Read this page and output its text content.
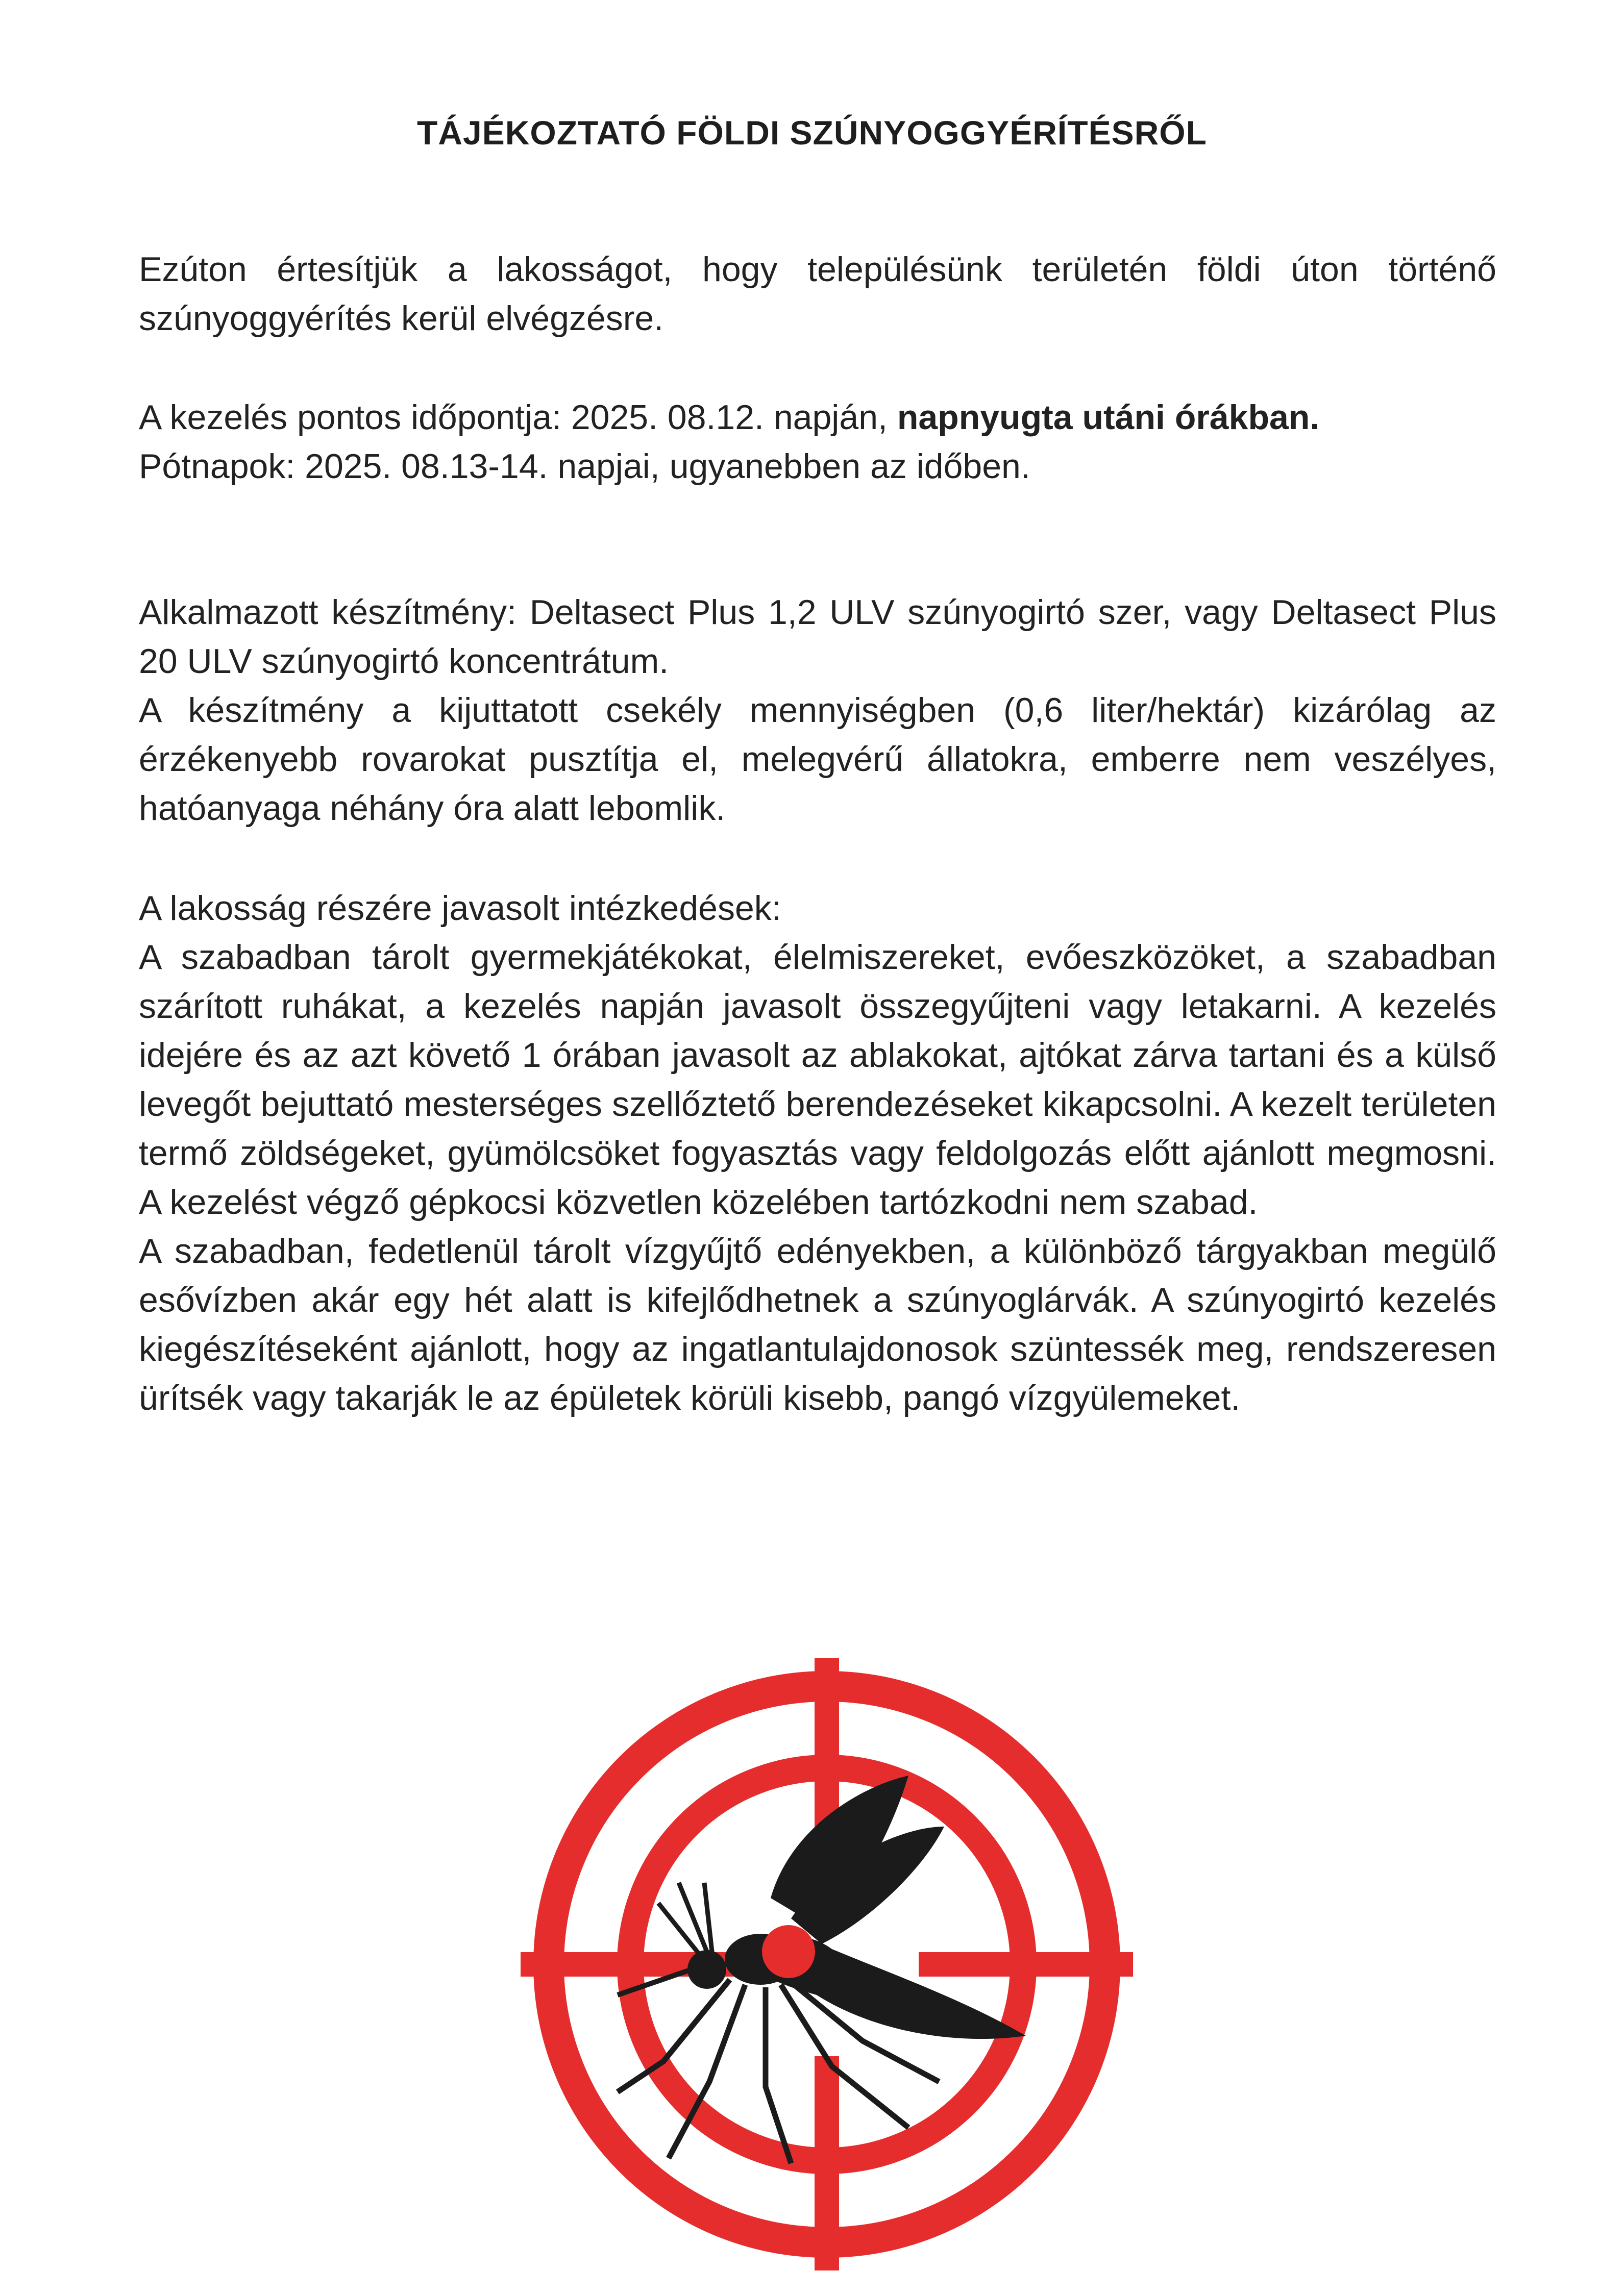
TÁJÉKOZTATÓ FÖLDI SZÚNYOGGYÉRÍTÉSRŐL

Ezúton értesítjük a lakosságot, hogy településünk területén földi úton történő szúnyoggyérítés kerül elvégzésre.

A kezelés pontos időpontja: 2025. 08.12. napján, napnyugta utáni órákban.

Pótnapok: 2025. 08.13-14. napjai, ugyanebben az időben.

Alkalmazott készítmény: Deltasect Plus 1,2 ULV szúnyogirtó szer, vagy Deltasect Plus 20 ULV szúnyogirtó koncentrátum.

A készítmény a kijuttatott csekély mennyiségben (0,6 liter/hektár) kizárólag az érzékenyebb rovarokat pusztítja el, melegvérű állatokra, emberre nem veszélyes, hatóanyaga néhány óra alatt lebomlik.

A lakosság részére javasolt intézkedések:

A szabadban tárolt gyermekjátékokat, élelmiszereket, evőeszközöket, a szabadban szárított ruhákat, a kezelés napján javasolt összegyűjteni vagy letakarni. A kezelés idejére és az azt követő 1 órában javasolt az ablakokat, ajtókat zárva tartani és a külső levegőt bejuttató mesterséges szellőztető berendezéseket kikapcsolni. A kezelt területen termő zöldségeket, gyümölcsöket fogyasztás vagy feldolgozás előtt ajánlott megmosni. A kezelést végző gépkocsi közvetlen közelében tartózkodni nem szabad.

A szabadban, fedetlenül tárolt vízgyűjtő edényekben, a különböző tárgyakban megülő esővízben akár egy hét alatt is kifejlődhetnek a szúnyoglárvák. A szúnyogirtó kezelés kiegészítéseként ajánlott, hogy az ingatlantulajdonosok szüntessék meg, rendszeresen ürítsék vagy takarják le az épületek körüli kisebb, pangó vízgyülemeket.
